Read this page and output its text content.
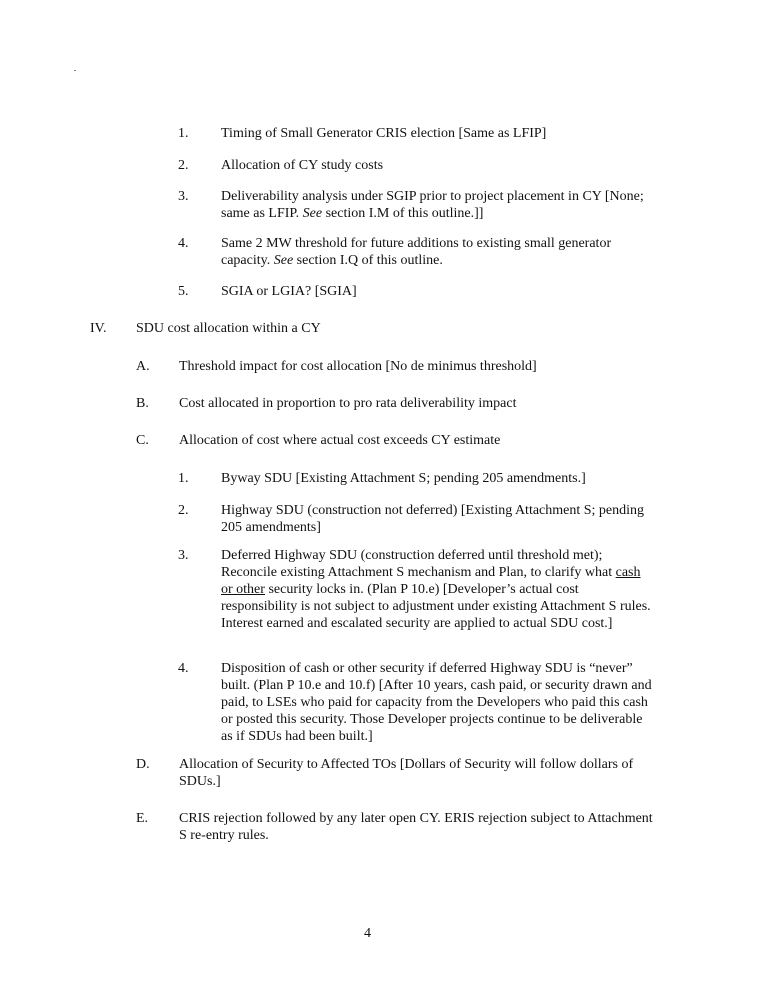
1. Timing of Small Generator CRIS election [Same as LFIP]
2. Allocation of CY study costs
3. Deliverability analysis under SGIP prior to project placement in CY [None; same as LFIP. See section I.M of this outline.]]
4. Same 2 MW threshold for future additions to existing small generator capacity. See section I.Q of this outline.
5. SGIA or LGIA? [SGIA]
IV. SDU cost allocation within a CY
A. Threshold impact for cost allocation [No de minimus threshold]
B. Cost allocated in proportion to pro rata deliverability impact
C. Allocation of cost where actual cost exceeds CY estimate
1. Byway SDU [Existing Attachment S; pending 205 amendments.]
2. Highway SDU (construction not deferred) [Existing Attachment S; pending 205 amendments]
3. Deferred Highway SDU (construction deferred until threshold met); Reconcile existing Attachment S mechanism and Plan, to clarify what cash or other security locks in. (Plan P 10.e) [Developer’s actual cost responsibility is not subject to adjustment under existing Attachment S rules. Interest earned and escalated security are applied to actual SDU cost.]
4. Disposition of cash or other security if deferred Highway SDU is “never” built. (Plan P 10.e and 10.f) [After 10 years, cash paid, or security drawn and paid, to LSEs who paid for capacity from the Developers who paid this cash or posted this security. Those Developer projects continue to be deliverable as if SDUs had been built.]
D. Allocation of Security to Affected TOs [Dollars of Security will follow dollars of SDUs.]
E. CRIS rejection followed by any later open CY. ERIS rejection subject to Attachment S re-entry rules.
4
